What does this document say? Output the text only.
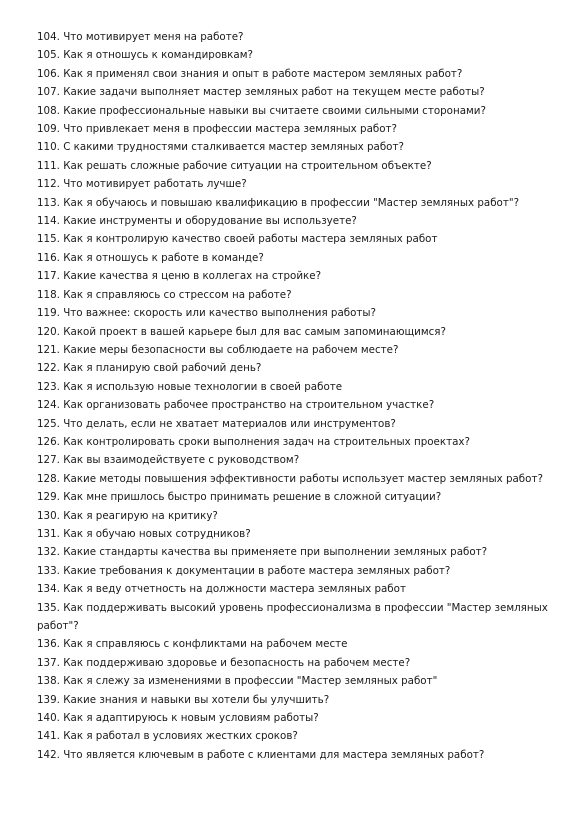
104. Что мотивирует меня на работе?
105. Как я отношусь к командировкам?
106. Как я применял свои знания и опыт в работе мастером земляных работ?
107. Какие задачи выполняет мастер земляных работ на текущем месте работы?
108. Какие профессиональные навыки вы считаете своими сильными сторонами?
109. Что привлекает меня в профессии мастера земляных работ?
110. С какими трудностями сталкивается мастер земляных работ?
111. Как решать сложные рабочие ситуации на строительном объекте?
112. Что мотивирует работать лучше?
113. Как я обучаюсь и повышаю квалификацию в профессии "Мастер земляных работ"?
114. Какие инструменты и оборудование вы используете?
115. Как я контролирую качество своей работы мастера земляных работ
116. Как я отношусь к работе в команде?
117. Какие качества я ценю в коллегах на стройке?
118. Как я справляюсь со стрессом на работе?
119. Что важнее: скорость или качество выполнения работы?
120. Какой проект в вашей карьере был для вас самым запоминающимся?
121. Какие меры безопасности вы соблюдаете на рабочем месте?
122. Как я планирую свой рабочий день?
123. Как я использую новые технологии в своей работе
124. Как организовать рабочее пространство на строительном участке?
125. Что делать, если не хватает материалов или инструментов?
126. Как контролировать сроки выполнения задач на строительных проектах?
127. Как вы взаимодействуете с руководством?
128. Какие методы повышения эффективности работы использует мастер земляных работ?
129. Как мне пришлось быстро принимать решение в сложной ситуации?
130. Как я реагирую на критику?
131. Как я обучаю новых сотрудников?
132. Какие стандарты качества вы применяете при выполнении земляных работ?
133. Какие требования к документации в работе мастера земляных работ?
134. Как я веду отчетность на должности мастера земляных работ
135. Как поддерживать высокий уровень профессионализма в профессии "Мастер земляных работ"?
136. Как я справляюсь с конфликтами на рабочем месте
137. Как поддерживаю здоровье и безопасность на рабочем месте?
138. Как я слежу за изменениями в профессии "Мастер земляных работ"
139. Какие знания и навыки вы хотели бы улучшить?
140. Как я адаптируюсь к новым условиям работы?
141. Как я работал в условиях жестких сроков?
142. Что является ключевым в работе с клиентами для мастера земляных работ?
